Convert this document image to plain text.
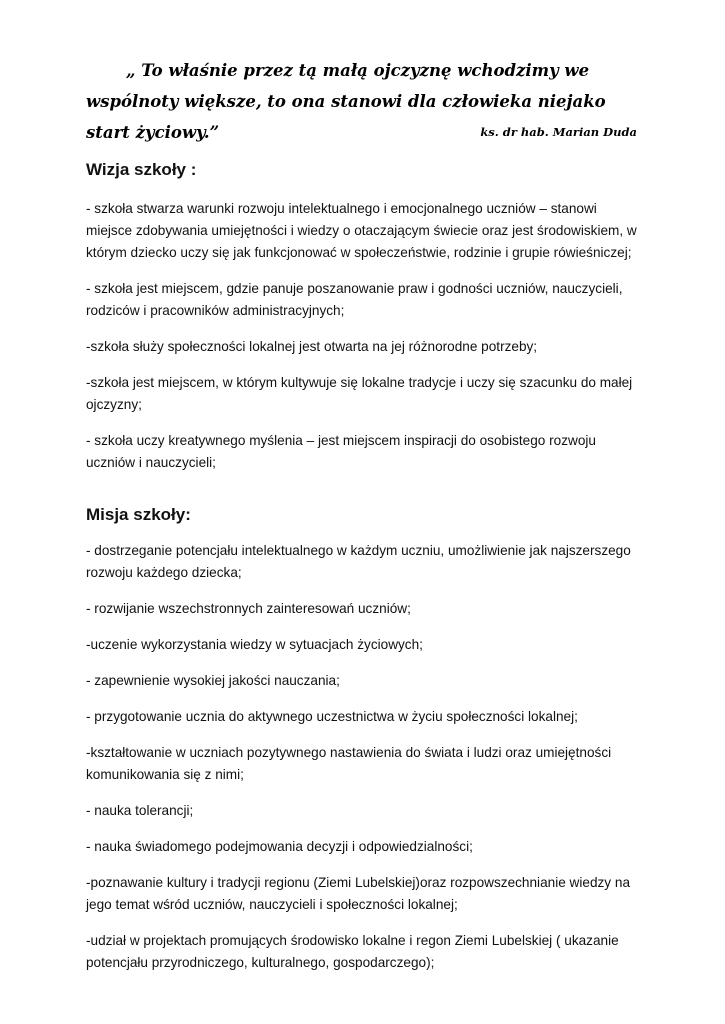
„ To właśnie przez tą małą ojczyznę wchodzimy we wspólnoty większe, to ona stanowi dla człowieka niejako start życiowy.”	ks. dr hab. Marian Duda
Wizja szkoły :
- szkoła stwarza warunki rozwoju intelektualnego i emocjonalnego uczniów – stanowi miejsce zdobywania umiejętności i wiedzy o otaczającym świecie oraz jest środowiskiem, w którym dziecko uczy się jak funkcjonować w społeczeństwie, rodzinie i grupie rówieśniczej;
- szkoła jest miejscem, gdzie panuje poszanowanie praw i godności uczniów, nauczycieli, rodziców i pracowników administracyjnych;
-szkoła służy społeczności lokalnej jest otwarta na jej różnorodne potrzeby;
-szkoła jest miejscem, w którym kultywuje się lokalne tradycje i uczy się szacunku do małej ojczyzny;
- szkoła uczy kreatywnego myślenia – jest miejscem inspiracji do osobistego rozwoju uczniów i nauczycieli;
Misja szkoły:
- dostrzeganie potencjału intelektualnego w każdym uczniu, umożliwienie jak najszerszego rozwoju każdego dziecka;
- rozwijanie wszechstronnych zainteresowań uczniów;
-uczenie wykorzystania wiedzy w sytuacjach życiowych;
- zapewnienie wysokiej jakości nauczania;
- przygotowanie ucznia do aktywnego uczestnictwa w życiu społeczności lokalnej;
-kształtowanie w uczniach pozytywnego nastawienia do świata i ludzi oraz umiejętności komunikowania się z nimi;
- nauka tolerancji;
- nauka świadomego podejmowania decyzji i odpowiedzialności;
-poznawanie kultury i tradycji regionu (Ziemi Lubelskiej)oraz rozpowszechnianie wiedzy na jego temat wśród uczniów, nauczycieli i społeczności lokalnej;
-udział w projektach promujących środowisko lokalne i regon Ziemi Lubelskiej ( ukazanie potencjału przyrodniczego, kulturalnego, gospodarczego);
